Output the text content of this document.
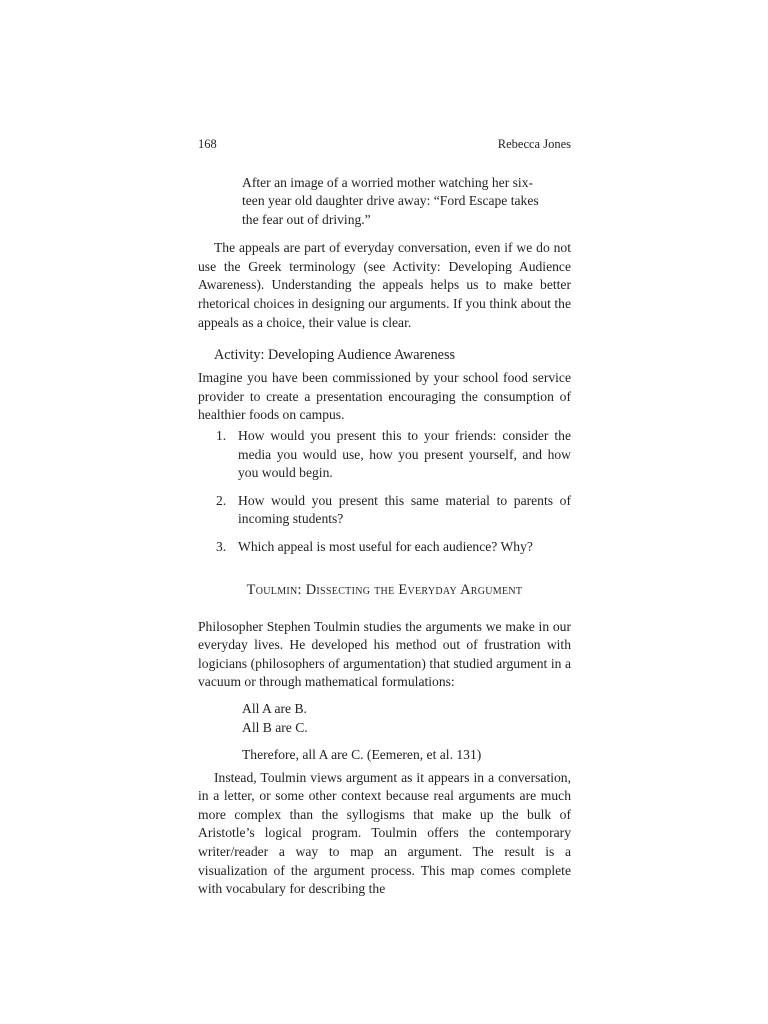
168	Rebecca Jones
After an image of a worried mother watching her six-
teen year old daughter drive away: “Ford Escape takes
the fear out of driving.”

The appeals are part of everyday conversation, even if we do not use the Greek terminology (see Activity: Developing Audience Awareness). Understanding the appeals helps us to make better rhetorical choices in designing our arguments. If you think about the appeals as a choice, their value is clear.

Activity: Developing Audience Awareness

Imagine you have been commissioned by your school food service provider to create a presentation encouraging the consumption of healthier foods on campus.

1. How would you present this to your friends: consider the media you would use, how you present yourself, and how you would begin.
2. How would you present this same material to parents of incoming students?
3. Which appeal is most useful for each audience? Why?
Toulmin: Dissecting the Everyday Argument

Philosopher Stephen Toulmin studies the arguments we make in our everyday lives. He developed his method out of frustration with logicians (philosophers of argumentation) that studied argument in a vacuum or through mathematical formulations:

All A are B.
All B are C.
Therefore, all A are C. (Eemeren, et al. 131)

Instead, Toulmin views argument as it appears in a conversation, in a letter, or some other context because real arguments are much more complex than the syllogisms that make up the bulk of Aristotle’s logical program. Toulmin offers the contemporary writer/reader a way to map an argument. The result is a visualization of the argument process. This map comes complete with vocabulary for describing the
